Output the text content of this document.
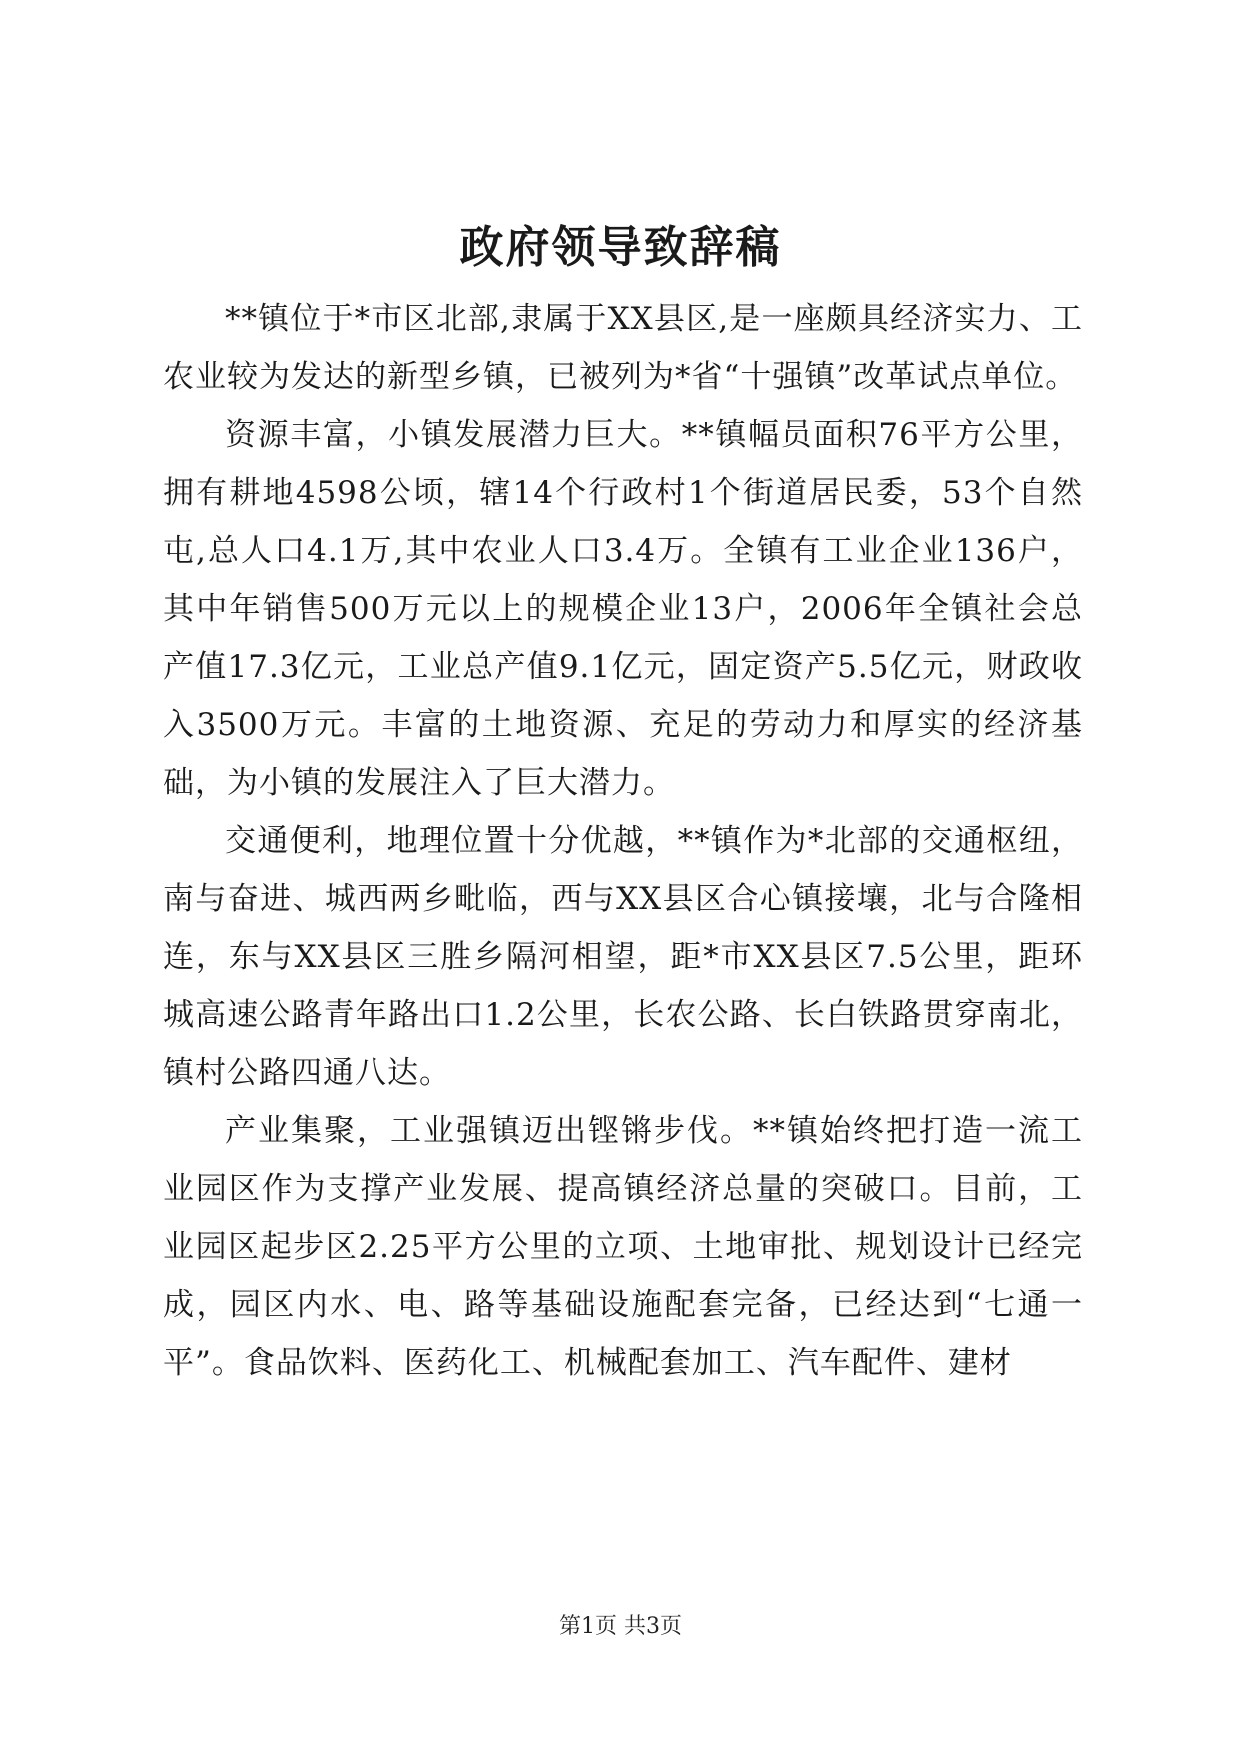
政府领导致辞稿

**镇位于*市区北部,隶属于XX县区,是一座颇具经济实力、工农业较为发达的新型乡镇，已被列为*省“十强镇”改革试点单位。

资源丰富，小镇发展潜力巨大。**镇幅员面积76平方公里，拥有耕地4598公顷，辖14个行政村1个街道居民委，53个自然屯,总人口4.1万,其中农业人口3.4万。全镇有工业企业136户，其中年销售500万元以上的规模企业13户，2006年全镇社会总产值17.3亿元，工业总产值9.1亿元，固定资产5.5亿元，财政收入3500万元。丰富的土地资源、充足的劳动力和厚实的经济基础，为小镇的发展注入了巨大潜力。

交通便利，地理位置十分优越，**镇作为*北部的交通枢纽，南与奋进、城西两乡毗临，西与XX县区合心镇接壤，北与合隆相连，东与XX县区三胜乡隔河相望，距*市XX县区7.5公里，距环城高速公路青年路出口1.2公里，长农公路、长白铁路贯穿南北，镇村公路四通八达。

产业集聚，工业强镇迈出铿锵步伐。**镇始终把打造一流工业园区作为支撑产业发展、提高镇经济总量的突破口。目前，工业园区起步区2.25平方公里的立项、土地审批、规划设计已经完成，园区内水、电、路等基础设施配套完备，已经达到“七通一平”。食品饮料、医药化工、机械配套加工、汽车配件、建材

第1页 共3页
